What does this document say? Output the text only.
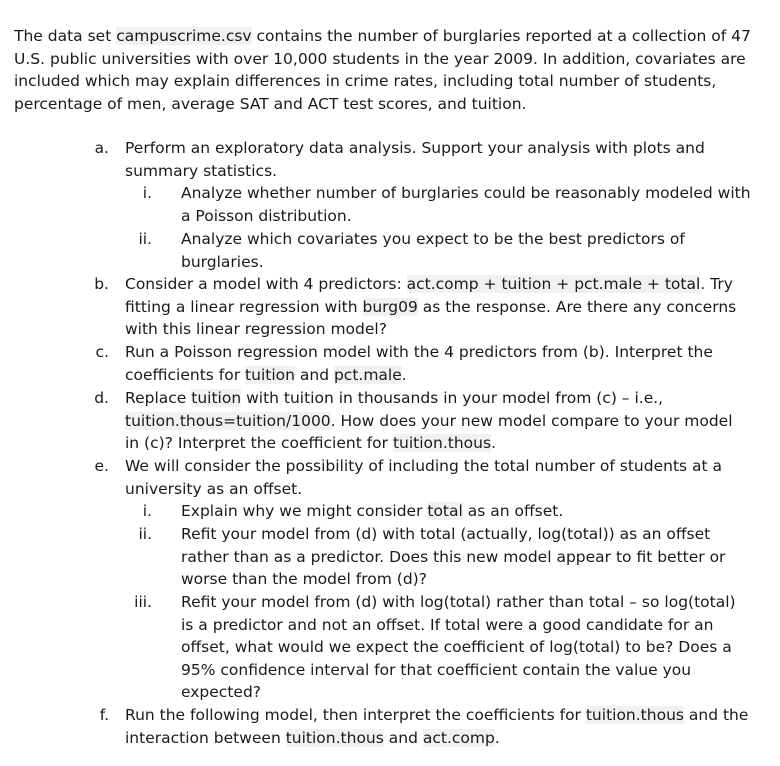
The data set campuscrime.csv contains the number of burglaries reported at a collection of 47 U.S. public universities with over 10,000 students in the year 2009. In addition, covariates are included which may explain differences in crime rates, including total number of students, percentage of men, average SAT and ACT test scores, and tuition.
a. Perform an exploratory data analysis. Support your analysis with plots and summary statistics.
i. Analyze whether number of burglaries could be reasonably modeled with a Poisson distribution.
ii. Analyze which covariates you expect to be the best predictors of burglaries.
b. Consider a model with 4 predictors: act.comp + tuition + pct.male + total. Try fitting a linear regression with burg09 as the response. Are there any concerns with this linear regression model?
c. Run a Poisson regression model with the 4 predictors from (b). Interpret the coefficients for tuition and pct.male.
d. Replace tuition with tuition in thousands in your model from (c) – i.e., tuition.thous=tuition/1000. How does your new model compare to your model in (c)? Interpret the coefficient for tuition.thous.
e. We will consider the possibility of including the total number of students at a university as an offset.
i. Explain why we might consider total as an offset.
ii. Refit your model from (d) with total (actually, log(total)) as an offset rather than as a predictor. Does this new model appear to fit better or worse than the model from (d)?
iii. Refit your model from (d) with log(total) rather than total – so log(total) is a predictor and not an offset. If total were a good candidate for an offset, what would we expect the coefficient of log(total) to be? Does a 95% confidence interval for that coefficient contain the value you expected?
f. Run the following model, then interpret the coefficients for tuition.thous and the interaction between tuition.thous and act.comp.
